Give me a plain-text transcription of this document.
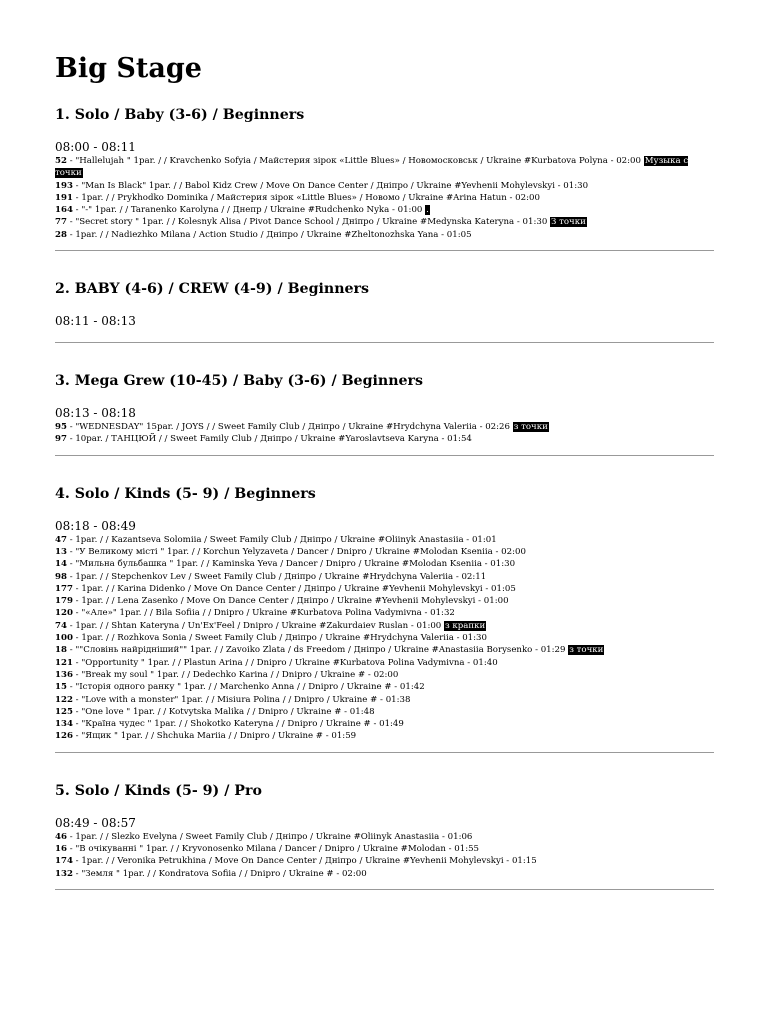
Big Stage
1. Solo / Baby (3-6) / Beginners
08:00 - 08:11
52 - "Hallelujah " 1par. / / Kravchenko Sofyia / Майстерия зірок «Little Blues» / Новомосковськ / Ukraine #Kurbatova Polyna - 02:00 Музыка с точки
193 - "Man Is Black" 1par. / / Babol Kidz Crew / Move On Dance Center / Дніпро / Ukraine #Yevhenii Mohylevskyi - 01:30
191 - 1par. / / Prykhodko Dominika / Майстерия зірок «Little Blues» / Новомо / Ukraine #Arina Hatun - 02:00
164 - "-" 1par. / / Taranenko Karolyna / / Днепр / Ukraine #Rudchenko Nyka - 01:00 .
77 - "Secret story " 1par. / / Kolesnyk Alisa / Pivot Dance School / Дніпро / Ukraine #Medynska Kateryna - 01:30 З точки
28 - 1par. / / Nadiezhko Milana / Action Studio / Дніпро / Ukraine #Zheltonozhska Yana - 01:05
2. BABY (4-6) / CREW (4-9) / Beginners
08:11 - 08:13
3. Mega Grew (10-45) / Baby (3-6) / Beginners
08:13 - 08:18
95 - "WEDNESDAY" 15par. / JOYS / / Sweet Family Club / Дніпро / Ukraine #Hrydchyna Valeriia - 02:26 з точки
97 - 10par. / ТАНЦЮЙ / / Sweet Family Club / Дніпро / Ukraine #Yaroslavtseva Karyna - 01:54
4. Solo / Kinds (5- 9) / Beginners
08:18 - 08:49
47 - 1par. / / Kazantseva Solomiia / Sweet Family Club / Дніпро / Ukraine #Oliinyk Anastasiia - 01:01
13 - "У Великому місті " 1par. / / Korchun Yelyzaveta / Dancer / Dnipro / Ukraine #Molodan Kseniia - 02:00
14 - "Мильна бульбашка " 1par. / / Kaminska Yeva / Dancer / Dnipro / Ukraine #Molodan Kseniia - 01:30
98 - 1par. / / Stepchenkov Lev / Sweet Family Club / Дніпро / Ukraine #Hrydchyna Valeriia - 02:11
177 - 1par. / / Karina Didenko / Move On Dance Center / Дніпро / Ukraine #Yevhenii Mohylevskyi - 01:05
179 - 1par. / / Lena Zasenko / Move On Dance Center / Дніпро / Ukraine #Yevhenii Mohylevskyi - 01:00
120 - "«Але»" 1par. / / Bila Sofiia / / Dnipro / Ukraine #Kurbatova Polina Vadymivna - 01:32
74 - 1par. / / Shtan Kateryna / Un'Ex'Feel / Dnipro / Ukraine #Zakurdaiev Ruslan - 01:00 з крапки
100 - 1par. / / Rozhkova Sonia / Sweet Family Club / Дніпро / Ukraine #Hrydchyna Valeriia - 01:30
18 - ""Словінь найрідніший"" 1par. / / Zavoiko Zlata / ds Freedom / Дніпро / Ukraine #Anastasiia Borysenko - 01:29 з точки
121 - "Opportunity " 1par. / / Plastun Arina / / Dnipro / Ukraine #Kurbatova Polina Vadymivna - 01:40
136 - "Break my soul " 1par. / / Dedechko Karina / / Dnipro / Ukraine # - 02:00
15 - "Історія одного ранку " 1par. / / Marchenko Anna / / Dnipro / Ukraine # - 01:42
122 - "Love with a monster" 1par. / / Misiura Polina / / Dnipro / Ukraine # - 01:38
125 - "One love " 1par. / / Kotvytska Malika / / Dnipro / Ukraine # - 01:48
134 - "Країна чудес " 1par. / / Shokotko Kateryna / / Dnipro / Ukraine # - 01:49
126 - "Ящик " 1par. / / Shchuka Mariia / / Dnipro / Ukraine # - 01:59
5. Solo / Kinds (5- 9) / Pro
08:49 - 08:57
46 - 1par. / / Slezko Evelyna / Sweet Family Club / Дніпро / Ukraine #Oliinyk Anastasiia - 01:06
16 - "В очікуванні " 1par. / / Kryvonosenko Milana / Dancer / Dnipro / Ukraine #Molodan - 01:55
174 - 1par. / / Veronika Petrukhina / Move On Dance Center / Дніпро / Ukraine #Yevhenii Mohylevskyi - 01:15
132 - "Земля " 1par. / / Kondratova Sofiia / / Dnipro / Ukraine # - 02:00
